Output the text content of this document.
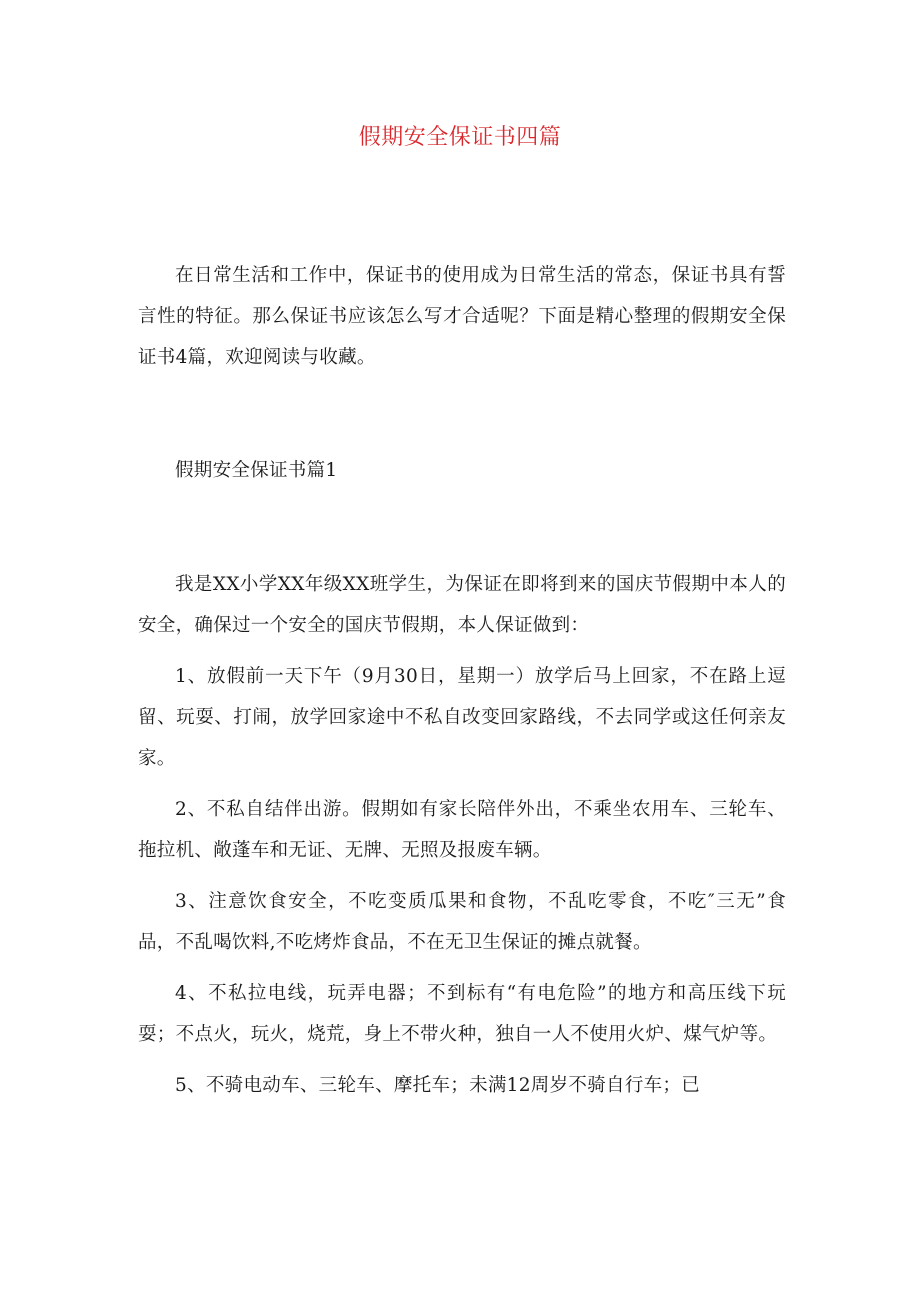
假期安全保证书四篇

在日常生活和工作中，保证书的使用成为日常生活的常态，保证书具有誓言性的特征。那么保证书应该怎么写才合适呢？下面是精心整理的假期安全保证书4篇，欢迎阅读与收藏。

假期安全保证书篇1

我是XX小学XX年级XX班学生，为保证在即将到来的国庆节假期中本人的安全，确保过一个安全的国庆节假期，本人保证做到：

1、放假前一天下午（9月30日，星期一）放学后马上回家，不在路上逗留、玩耍、打闹，放学回家途中不私自改变回家路线，不去同学或这任何亲友家。

2、不私自结伴出游。假期如有家长陪伴外出，不乘坐农用车、三轮车、拖拉机、敞蓬车和无证、无牌、无照及报废车辆。

3、注意饮食安全，不吃变质瓜果和食物，不乱吃零食，不吃″三无”食品，不乱喝饮料,不吃烤炸食品，不在无卫生保证的摊点就餐。

4、不私拉电线，玩弄电器；不到标有“有电危险”的地方和高压线下玩耍；不点火，玩火，烧荒，身上不带火种，独自一人不使用火炉、煤气炉等。

5、不骑电动车、三轮车、摩托车；未满12周岁不骑自行车；已
